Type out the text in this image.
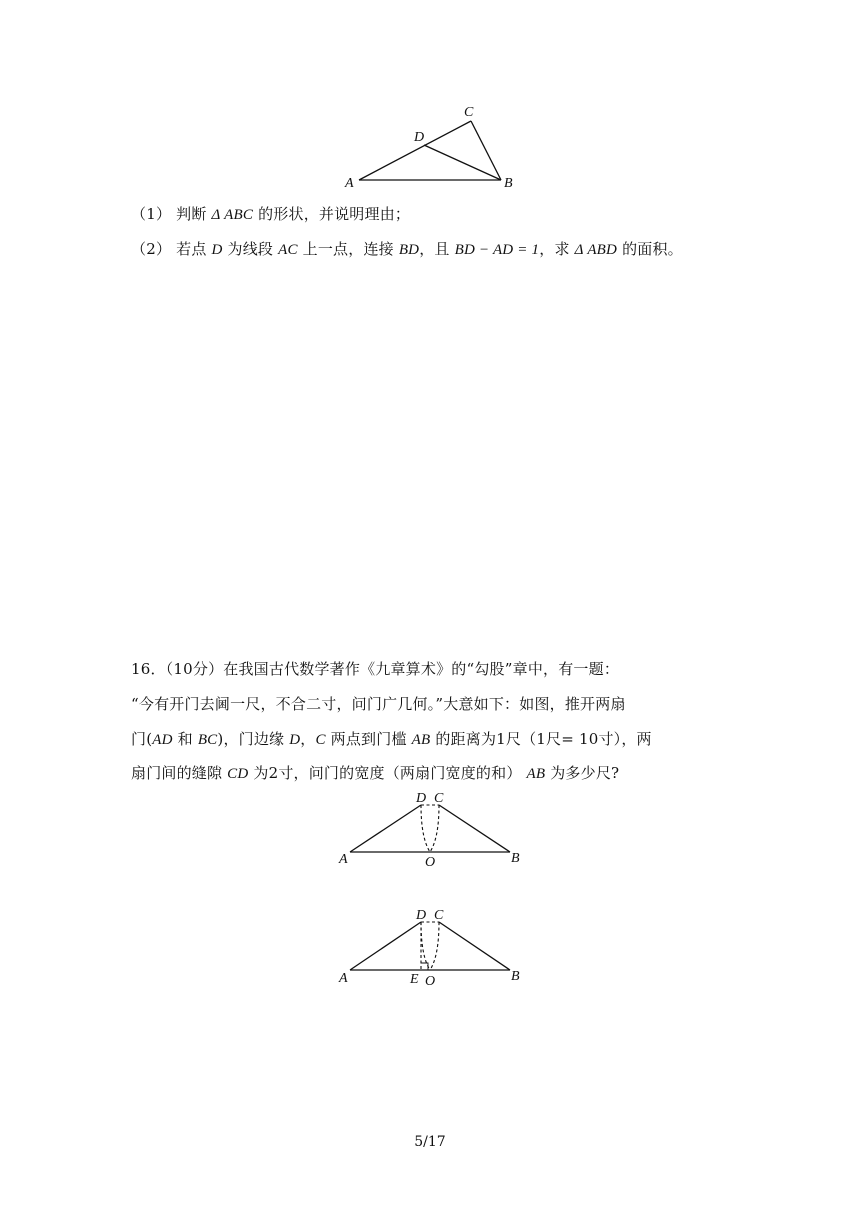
A	B
C
D
（1） 判断 Δ ABC 的形状，并说明理由；
（2） 若点 D 为线段 AC 上一点，连接 BD，且 BD − AD = 1，求 Δ ABD 的面积。
16．（10分）在我国古代数学著作《九章算术》的“勾股”章中，有一题：
“今有开门去阃一尺，不合二寸，问门广几何。”大意如下：如图，推开两扇
门(AD 和 BC)，门边缘 D，C 两点到门槛 AB 的距离为1尺（1尺= 10寸），两
扇门间的缝隙 CD 为2寸，问门的宽度（两扇门宽度的和） AB 为多少尺?
A	B
D C
O
A	B
D C
E O
5/17
